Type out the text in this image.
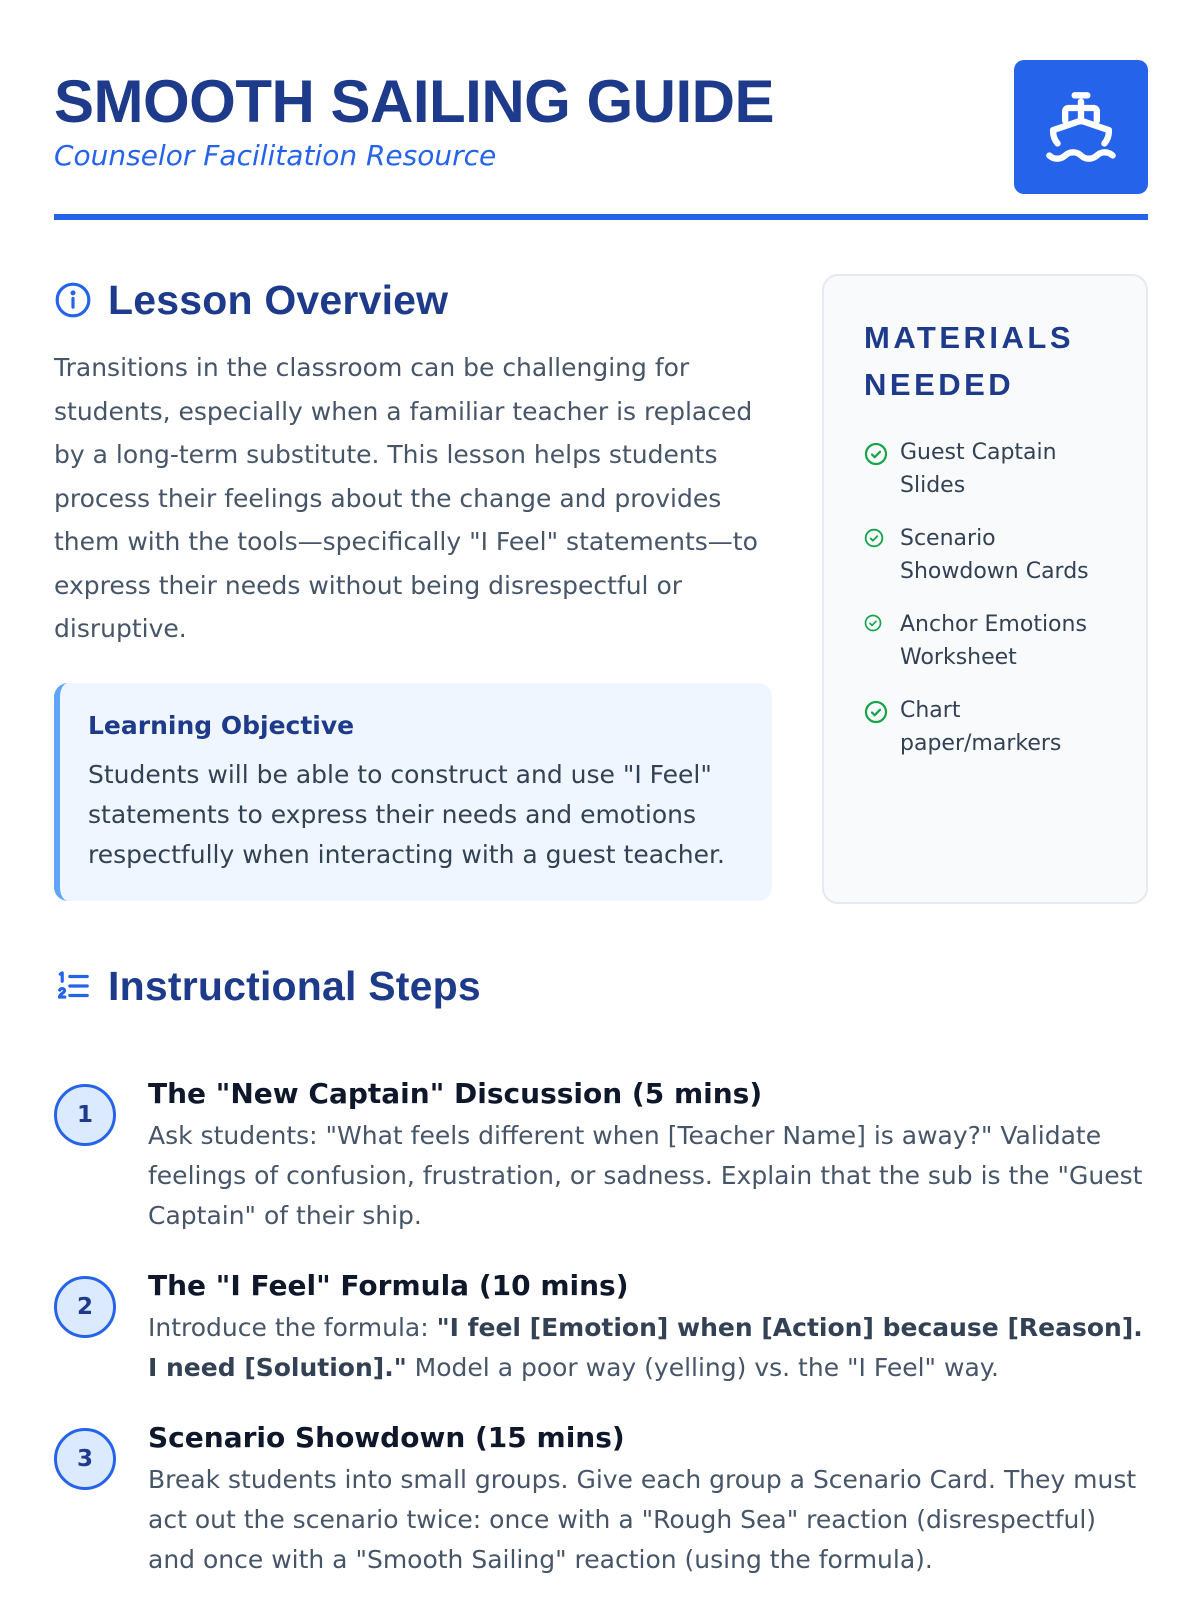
SMOOTH SAILING GUIDE

Counselor Facilitation Resource

Lesson Overview

Transitions in the classroom can be challenging for students, especially when a familiar teacher is replaced by a long-term substitute. This lesson helps students process their feelings about the change and provides them with the tools—specifically "I Feel" statements—to express their needs without being disrespectful or disruptive.

Learning Objective

Students will be able to construct and use "I Feel" statements to express their needs and emotions respectfully when interacting with a guest teacher.

MATERIALS NEEDED
Guest Captain Slides
Scenario Showdown Cards
Anchor Emotions Worksheet
Chart paper/markers
Instructional Steps
1
The "New Captain" Discussion (5 mins)

Ask students: "What feels different when [Teacher Name] is away?" Validate feelings of confusion, frustration, or sadness. Explain that the sub is the "Guest Captain" of their ship.

2
The "I Feel" Formula (10 mins)

Introduce the formula: "I feel [Emotion] when [Action] because [Reason]. I need [Solution]." Model a poor way (yelling) vs. the "I Feel" way.

3
Scenario Showdown (15 mins)

Break students into small groups. Give each group a Scenario Card. They must act out the scenario twice: once with a "Rough Sea" reaction (disrespectful) and once with a "Smooth Sailing" reaction (using the formula).
